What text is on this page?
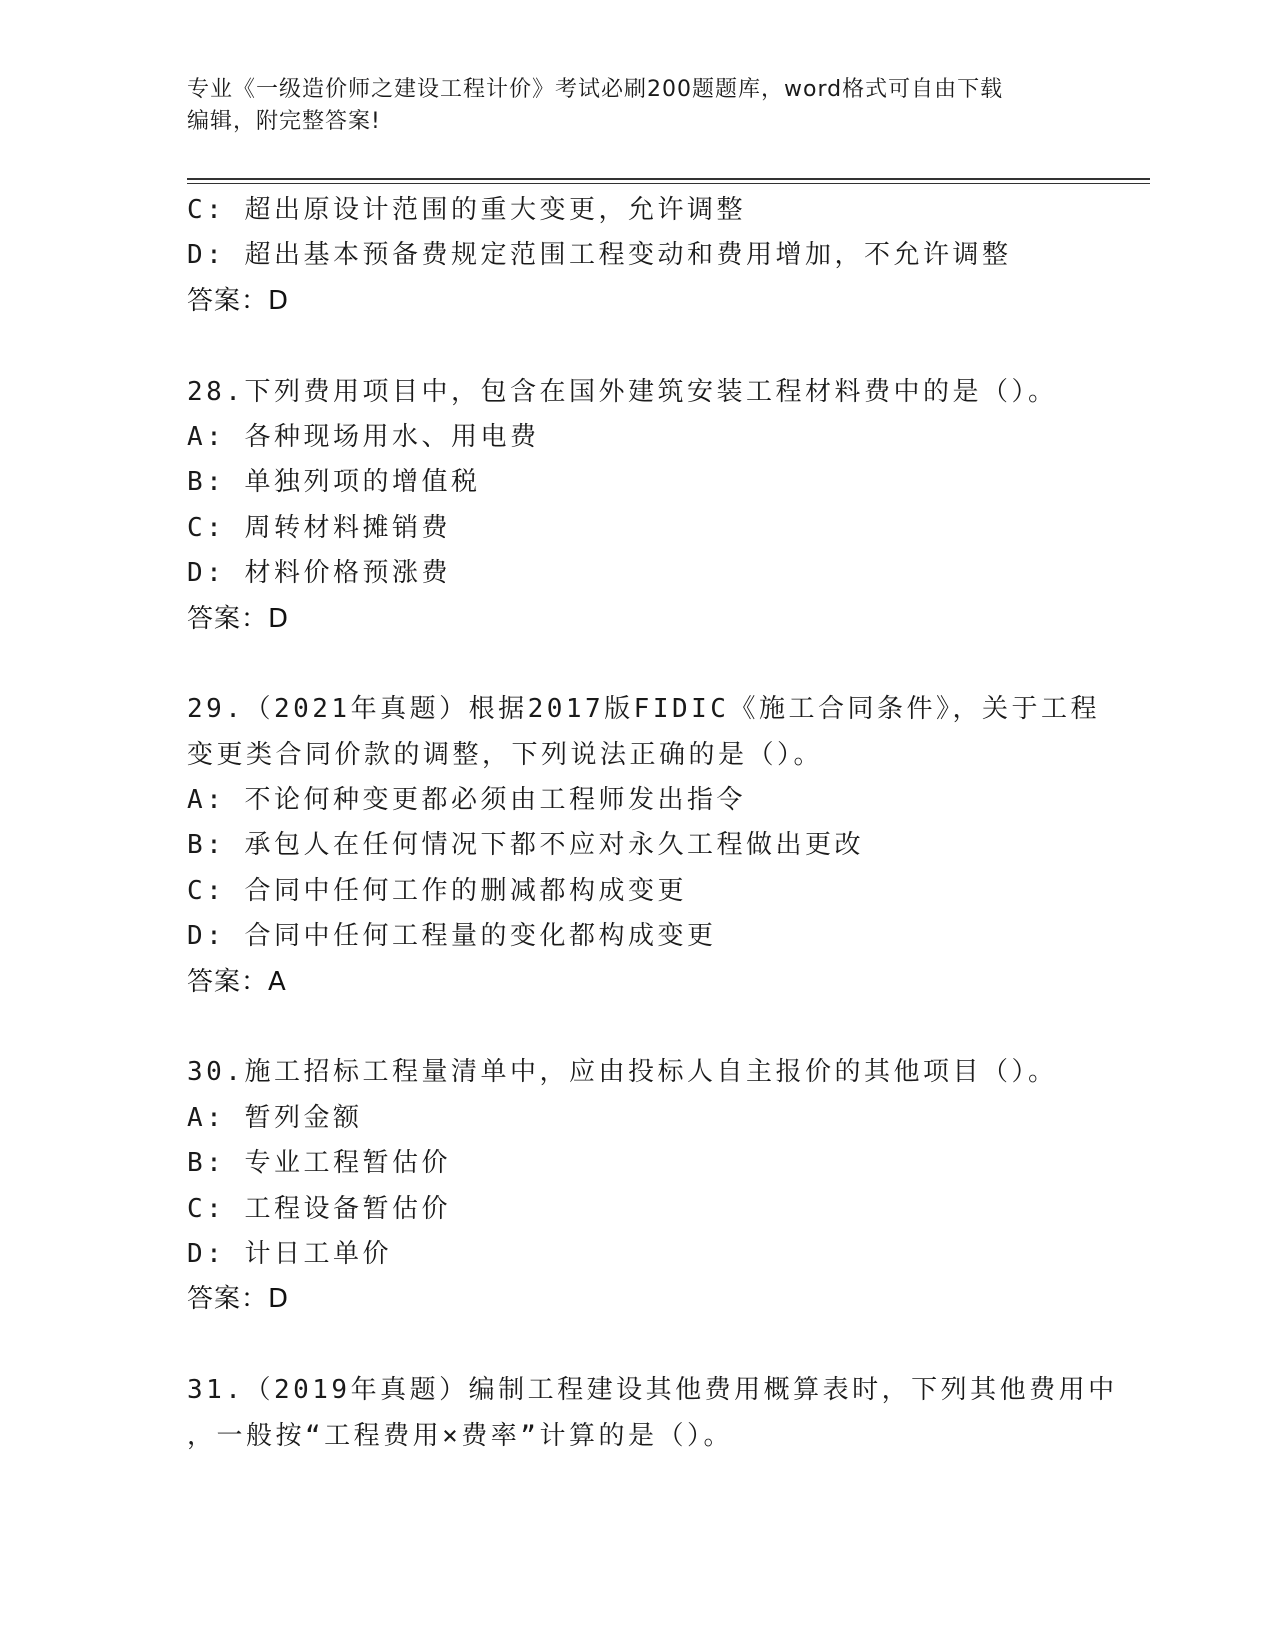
专业《一级造价师之建设工程计价》考试必刷200题题库，word格式可自由下载
编辑，附完整答案!
C: 超出原设计范围的重大变更，允许调整
D: 超出基本预备费规定范围工程变动和费用增加，不允许调整
答案：D
28.下列费用项目中，包含在国外建筑安装工程材料费中的是（）。
A: 各种现场用水、用电费
B: 单独列项的增值税
C: 周转材料摊销费
D: 材料价格预涨费
答案：D
29.（2021年真题）根据2017版FIDIC《施工合同条件》，关于工程
变更类合同价款的调整，下列说法正确的是（）。
A: 不论何种变更都必须由工程师发出指令
B: 承包人在任何情况下都不应对永久工程做出更改
C: 合同中任何工作的删减都构成变更
D: 合同中任何工程量的变化都构成变更
答案：A
30.施工招标工程量清单中，应由投标人自主报价的其他项目（）。
A: 暂列金额
B: 专业工程暂估价
C: 工程设备暂估价
D: 计日工单价
答案：D
31.（2019年真题）编制工程建设其他费用概算表时，下列其他费用中
，一般按“工程费用×费率”计算的是（）。
